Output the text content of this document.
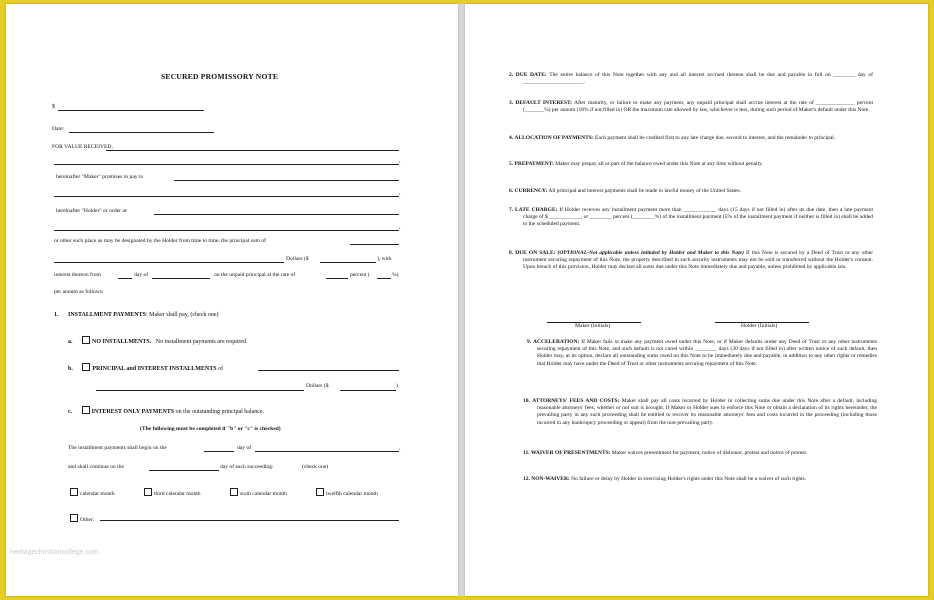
SECURED PROMISSORY NOTE
$
Date:
FOR VALUE RECEIVED,
,
hereinafter "Maker" promises to pay to
,
hereinafter "Holder" or order at
,
or other such place as may be designated by the Holder from time to time, the principal sum of
Dollars ($	), with
interest thereon from	day of	on the unpaid principal at the rate of	percent (	%)
per annum as follows:
1. INSTALLMENT PAYMENTS: Maker shall pay, (check one)
a.	NO INSTALLMENTS. No installment payments are required.
b.	PRINCIPAL and INTEREST INSTALLMENTS of
Dollars ($	).
c.	INTEREST ONLY PAYMENTS on the outstanding principal balance.
(The following must be completed if "b" or "c" is checked)
The installment payments shall begin on the	day of	,
and shall continue on the	day of each succeeding:	(check one)
calendar month	third calendar month	sixth calendar month	twelfth calendar month
Other:
heritagechristiancollege.com
2. DUE DATE: The entire balance of this Note together with any and all interest accrued thereon shall be due and payable in full on ________ day of ______________________.
3. DEFAULT INTEREST: After maturity, or failure to make any payment, any unpaid principal shall accrue interest at the rate of ______________ percent (_______%) per annum (18% if not filled in) OR the maximum rate allowed by law, whichever is less, during such period of Maker's default under this Note.
4. ALLOCATION OF PAYMENTS: Each payment shall be credited first to any late charge due, second to interest, and the remainder to principal.
5. PREPAYMENT: Maker may prepay all or part of the balance owed under this Note at any time without penalty.
6. CURRENCY: All principal and interest payments shall be made in lawful money of the United States.
7. LATE CHARGE: If Holder receives any installment payment more than ____________ days (15 days if not filled in) after its due date, then a late payment charge of $____________, or ________ percent (________%) of the installment payment (5% of the installment payment if neither is filled in) shall be added to the scheduled payment.
8. DUE ON SALE: (OPTIONAL-Not applicable unless initialed by Holder and Maker to this Note) If this Note is secured by a Deed of Trust or any other instrument securing repayment of this Note, the property described in such security instruments may not be sold or transferred without the Holder's consent. Upon breach of this provision, Holder may declare all sums due under this Note immediately due and payable, unless prohibited by applicable law.
Maker (Initials)	Holder (Initials)
9. ACCELERATION: If Maker fails to make any payment owed under this Note, or if Maker defaults under any Deed of Trust or any other instruments securing repayment of this Note, and such default is not cured within ________ days (30 days if not filled in) after written notice of such default, then Holder may, at its option, declare all outstanding sums owed on this Note to be immediately due and payable, in addition to any other rights or remedies that Holder may have under the Deed of Trust or other instruments securing repayment of this Note.
10. ATTORNEYS' FEES AND COSTS: Maker shall pay all costs incurred by Holder in collecting sums due under this Note after a default, including reasonable attorneys' fees, whether or not suit is brought. If Maker or Holder sues to enforce this Note or obtain a declaration of its rights hereunder, the prevailing party in any such proceeding shall be entitled to recover its reasonable attorneys' fees and costs incurred in the proceeding (including those incurred in any bankruptcy proceeding or appeal) from the non-prevailing party.
11. WAIVER OF PRESENTMENTS: Maker waives presentment for payment, notice of dishonor, protest and notice of protest.
12. NON-WAIVER: No failure or delay by Holder in exercising Holder's rights under this Note shall be a waiver of such rights.
